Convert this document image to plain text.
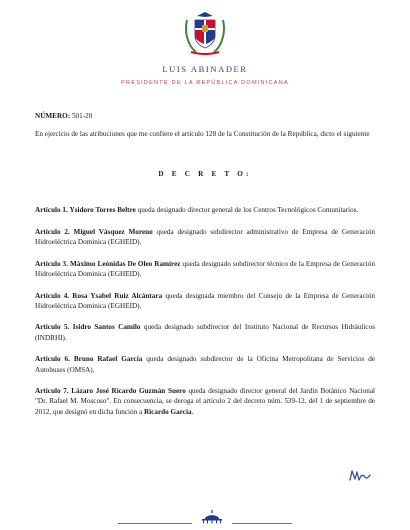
LUIS ABINADER
PRESIDENTE DE LA REPÚBLICA DOMINICANA
NÚMERO: 501-20
En ejercicio de las atribuciones que me confiere el artículo 128 de la Constitución de la República, dicto el siguiente
D E C R E T O:

Artículo 1. Ysidoro Torres Beltre queda designado director general de los Centros Tecnológicos Comunitarios.

Artículo 2. Miguel Vásquez Moreno queda designado subdirector administrativo de Empresa de Generación Hidroeléctrica Dominica (EGHEID).

Artículo 3. Máximo Leónidas De Oleo Ramírez queda designado subdirector técnico de la Empresa de Generación Hidroeléctrica Dominica (EGHEID).

Artículo 4. Rosa Ysabel Ruiz Alcántara queda designada miembro del Consejo de la Empresa de Generación Hidroeléctrica Dominica (EGHEID).

Artículo 5. Isidro Santos Camilo queda designado subdirector del Instituto Nacional de Recursos Hidráulicos (INDRHI).

Artículo 6. Bruno Rafael García queda designado subdirector de la Oficina Metropolitana de Servicios de Autobuses (OMSA).

Artículo 7. Lázaro José Ricardo Guzmán Suero queda designado director general del Jardín Botánico Nacional "Dr. Rafael M. Moscoso". En consecuencia, se deroga el artículo 2 del decreto núm. 539-12, del 1 de septiembre de 2012, que designó en dicha función a Ricardo García.
